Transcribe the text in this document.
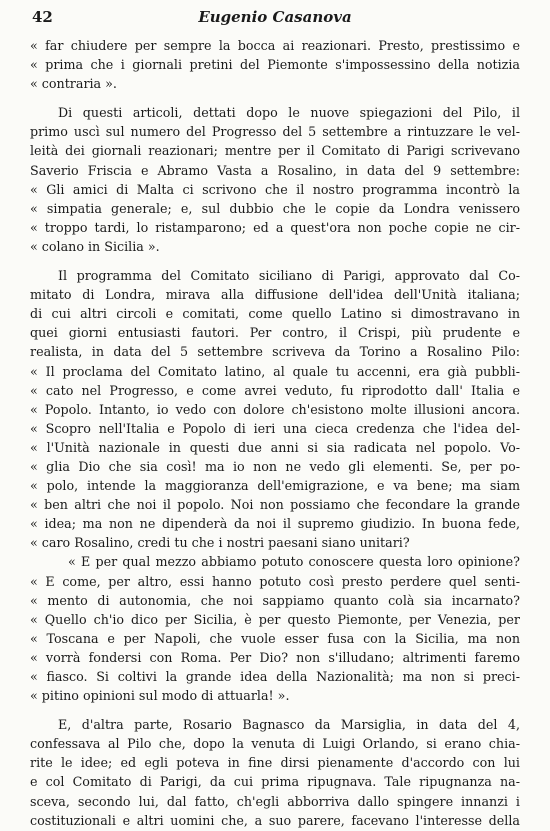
42	Eugenio Casanova
« far chiudere per sempre la bocca ai reazionari. Presto, prestissimo e
« prima che i giornali pretini del Piemonte s'impossessino della notizia
« contraria ».
Di questi articoli, dettati dopo le nuove spiegazioni del Pilo, il
primo uscì sul numero del Progresso del 5 settembre a rintuzzare le vel-
leità dei giornali reazionari; mentre per il Comitato di Parigi scrivevano
Saverio Friscia e Abramo Vasta a Rosalino, in data del 9 settembre:
« Gli amici di Malta ci scrivono che il nostro programma incontrò la
« simpatia generale; e, sul dubbio che le copie da Londra venissero
« troppo tardi, lo ristamparono; ed a quest'ora non poche copie ne cir-
« colano in Sicilia ».
Il programma del Comitato siciliano di Parigi, approvato dal Co-
mitato di Londra, mirava alla diffusione dell'idea dell'Unità italiana;
di cui altri circoli e comitati, come quello Latino si dimostravano in
quei giorni entusiasti fautori. Per contro, il Crispi, più prudente e
realista, in data del 5 settembre scriveva da Torino a Rosalino Pilo:
« Il proclama del Comitato latino, al quale tu accenni, era già pubbli-
« cato nel Progresso, e come avrei veduto, fu riprodotto dall' Italia e
« Popolo. Intanto, io vedo con dolore ch'esistono molte illusioni ancora.
« Scopro nell'Italia e Popolo di ieri una cieca credenza che l'idea del-
« l'Unità nazionale in questi due anni si sia radicata nel popolo. Vo-
« glia Dio che sia così! ma io non ne vedo gli elementi. Se, per po-
« polo, intende la maggioranza dell'emigrazione, e va bene; ma siam
« ben altri che noi il popolo. Noi non possiamo che fecondare la grande
« idea; ma non ne dipenderà da noi il supremo giudizio. In buona fede,
« caro Rosalino, credi tu che i nostri paesani siano unitari?
« E per qual mezzo abbiamo potuto conoscere questa loro opinione?
« E come, per altro, essi hanno potuto così presto perdere quel senti-
« mento di autonomia, che noi sappiamo quanto colà sia incarnato?
« Quello ch'io dico per Sicilia, è per questo Piemonte, per Venezia, per
« Toscana e per Napoli, che vuole esser fusa con la Sicilia, ma non
« vorrà fondersi con Roma. Per Dio? non s'illudano; altrimenti faremo
« fiasco. Si coltivi la grande idea della Nazionalità; ma non si preci-
« pitino opinioni sul modo di attuarla! ».
E, d'altra parte, Rosario Bagnasco da Marsiglia, in data del 4,
confessava al Pilo che, dopo la venuta di Luigi Orlando, si erano chia-
rite le idee; ed egli poteva in fine dirsi pienamente d'accordo con lui
e col Comitato di Parigi, da cui prima ripugnava. Tale ripugnanza na-
sceva, secondo lui, dal fatto, ch'egli abborriva dallo spingere innanzi i
costituzionali e altri uomini che, a suo parere, facevano l'interesse della
